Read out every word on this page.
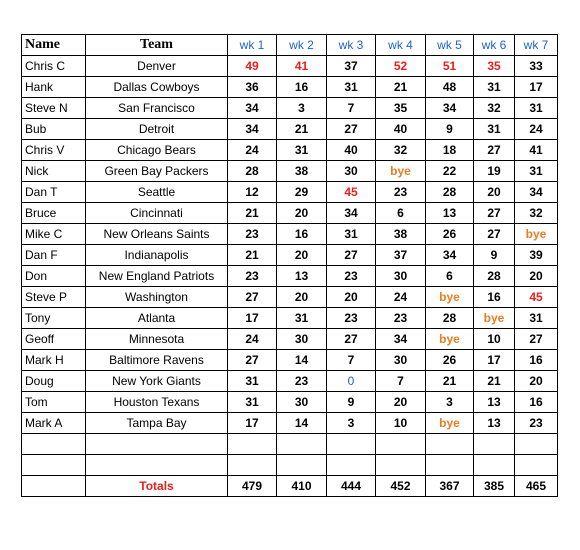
Name	Team	wk 1	wk 2	wk 3	wk 4	wk 5	wk 6	wk 7
Chris C	Denver	49	41	37	52	51	35	33
Hank	Dallas Cowboys	36	16	31	21	48	31	17
Steve N	San Francisco	34	3	7	35	34	32	31
Bub	Detroit	34	21	27	40	9	31	24
Chris V	Chicago Bears	24	31	40	32	18	27	41
Nick	Green Bay Packers	28	38	30	bye	22	19	31
Dan T	Seattle	12	29	45	23	28	20	34
Bruce	Cincinnati	21	20	34	6	13	27	32
Mike C	New Orleans Saints	23	16	31	38	26	27	bye
Dan F	Indianapolis	21	20	27	37	34	9	39
Don	New England Patriots	23	13	23	30	6	28	20
Steve P	Washington	27	20	20	24	bye	16	45
Tony	Atlanta	17	31	23	23	28	bye	31
Geoff	Minnesota	24	30	27	34	bye	10	27
Mark H	Baltimore Ravens	27	14	7	30	26	17	16
Doug	New York Giants	31	23	0	7	21	21	20
Tom	Houston Texans	31	30	9	20	3	13	16
Mark A	Tampa Bay	17	14	3	10	bye	13	23

	Totals	479	410	444	452	367	385	465
